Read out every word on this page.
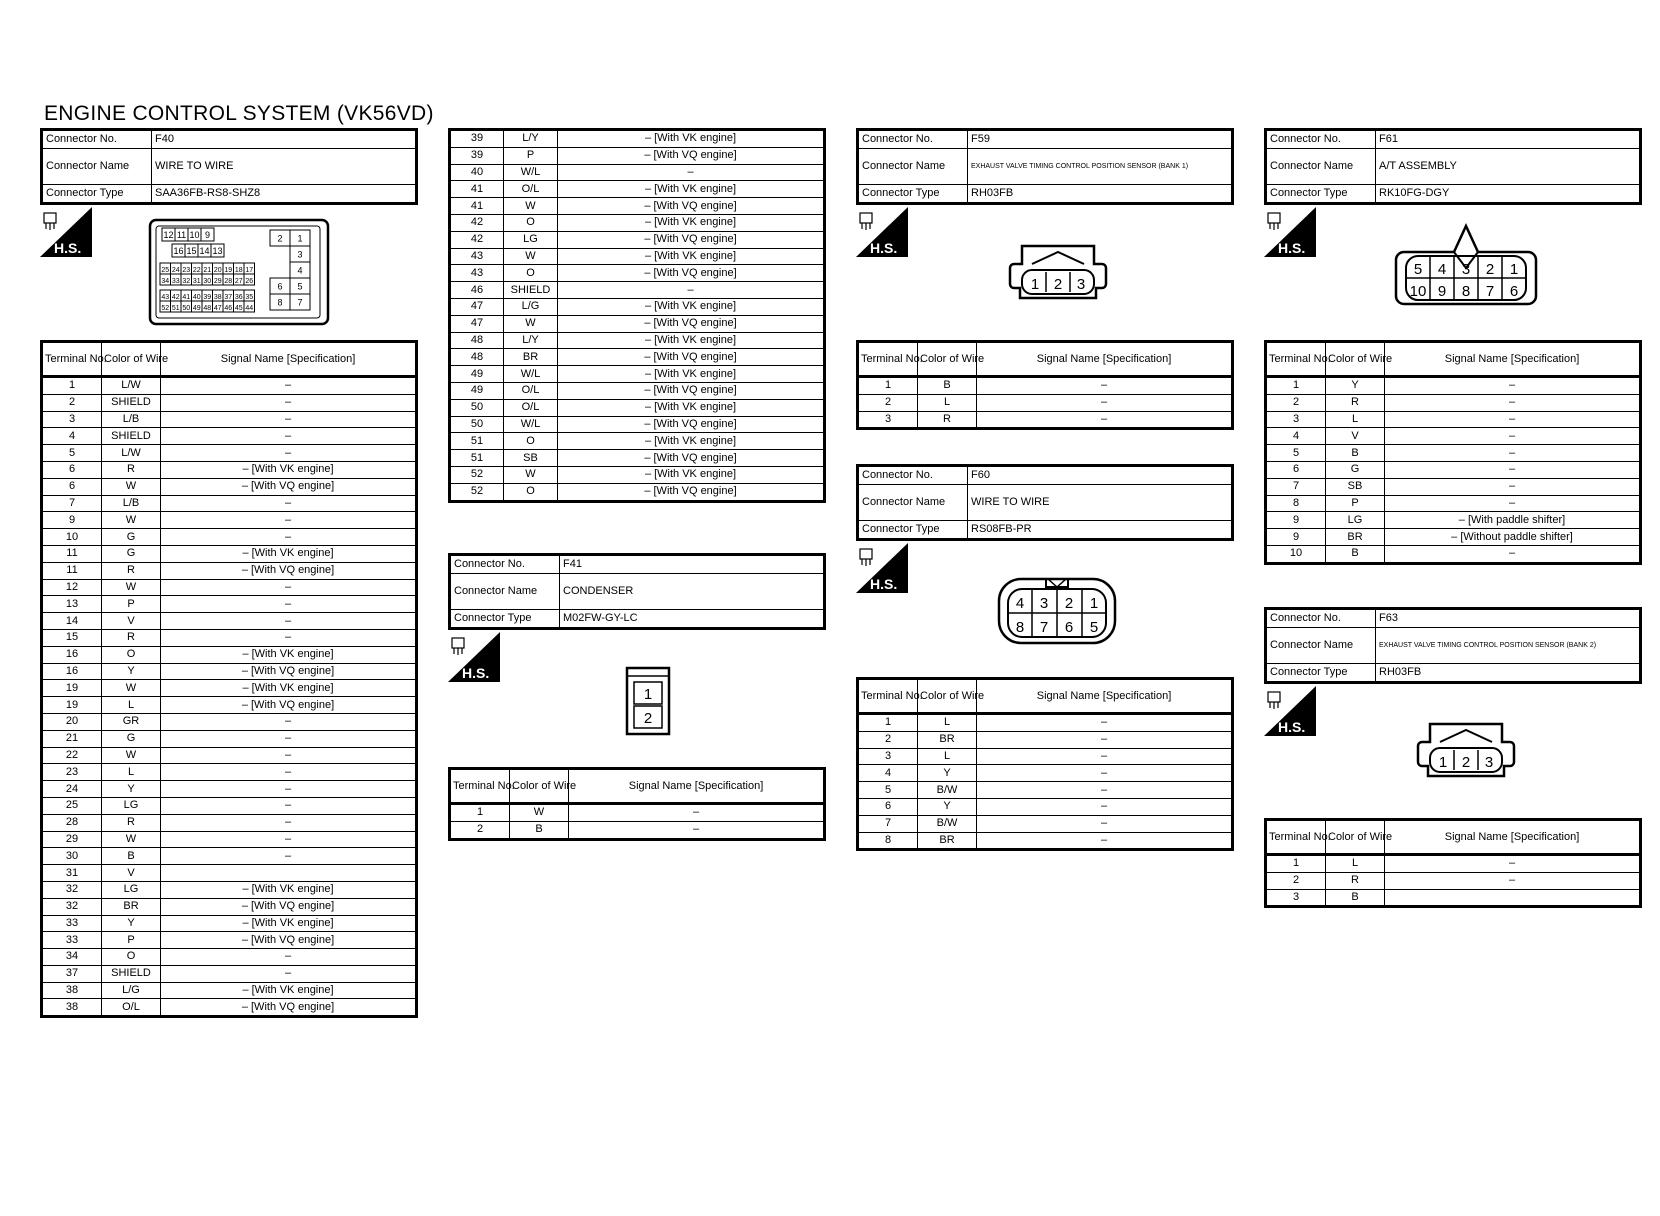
ENGINE CONTROL SYSTEM (VK56VD)
Connector No.	F40
Connector Name	WIRE TO WIRE
Connector Type	SAA36FB-RS8-SHZ8
H.S.
12 11 10 9
16 15 14 13
25 24 23 22 21 20 19 18 17
34 33 32 31 30 29 28 27 26
43 42 41 40 39 38 37 36 35
52 51 50 49 48 47 46 45 44
2 1
3
4
6 5
8 7
Terminal No.	Color of Wire	Signal Name [Specification]
1	L/W	–
2	SHIELD	–
3	L/B	–
4	SHIELD	–
5	L/W	–
6	R	– [With VK engine]
6	W	– [With VQ engine]
7	L/B	–
9	W	–
10	G	–
11	G	– [With VK engine]
11	R	– [With VQ engine]
12	W	–
13	P	–
14	V	–
15	R	–
16	O	– [With VK engine]
16	Y	– [With VQ engine]
19	W	– [With VK engine]
19	L	– [With VQ engine]
20	GR	–
21	G	–
22	W	–
23	L	–
24	Y	–
25	LG	–
28	R	–
29	W	–
30	B	–
31	V	
32	LG	– [With VK engine]
32	BR	– [With VQ engine]
33	Y	– [With VK engine]
33	P	– [With VQ engine]
34	O	–
37	SHIELD	–
38	L/G	– [With VK engine]
38	O/L	– [With VQ engine]
39	L/Y	– [With VK engine]
39	P	– [With VQ engine]
40	W/L	–
41	O/L	– [With VK engine]
41	W	– [With VQ engine]
42	O	– [With VK engine]
42	LG	– [With VQ engine]
43	W	– [With VK engine]
43	O	– [With VQ engine]
46	SHIELD	–
47	L/G	– [With VK engine]
47	W	– [With VQ engine]
48	L/Y	– [With VK engine]
48	BR	– [With VQ engine]
49	W/L	– [With VK engine]
49	O/L	– [With VQ engine]
50	O/L	– [With VK engine]
50	W/L	– [With VQ engine]
51	O	– [With VK engine]
51	SB	– [With VQ engine]
52	W	– [With VK engine]
52	O	– [With VQ engine]
Connector No.	F41
Connector Name	CONDENSER
Connector Type	M02FW-GY-LC
H.S.
1
2
Terminal No.	Color of Wire	Signal Name [Specification]
1	W	–
2	B	–
Connector No.	F59
Connector Name	EXHAUST VALVE TIMING CONTROL POSITION SENSOR (BANK 1)
Connector Type	RH03FB
H.S.
1 2 3
Terminal No.	Color of Wire	Signal Name [Specification]
1	B	–
2	L	–
3	R	–
Connector No.	F60
Connector Name	WIRE TO WIRE
Connector Type	RS08FB-PR
H.S.
4 3 2 1
8 7 6 5
Terminal No.	Color of Wire	Signal Name [Specification]
1	L	–
2	BR	–
3	L	–
4	Y	–
5	B/W	–
6	Y	–
7	B/W	–
8	BR	–
Connector No.	F61
Connector Name	A/T ASSEMBLY
Connector Type	RK10FG-DGY
H.S.
5 4 3 2 1
10 9 8 7 6
Terminal No.	Color of Wire	Signal Name [Specification]
1	Y	–
2	R	–
3	L	–
4	V	–
5	B	–
6	G	–
7	SB	–
8	P	–
9	LG	– [With paddle shifter]
9	BR	– [Without paddle shifter]
10	B	–
Connector No.	F63
Connector Name	EXHAUST VALVE TIMING CONTROL POSITION SENSOR (BANK 2)
Connector Type	RH03FB
H.S.
1 2 3
Terminal No.	Color of Wire	Signal Name [Specification]
1	L	–
2	R	–
3	B	
